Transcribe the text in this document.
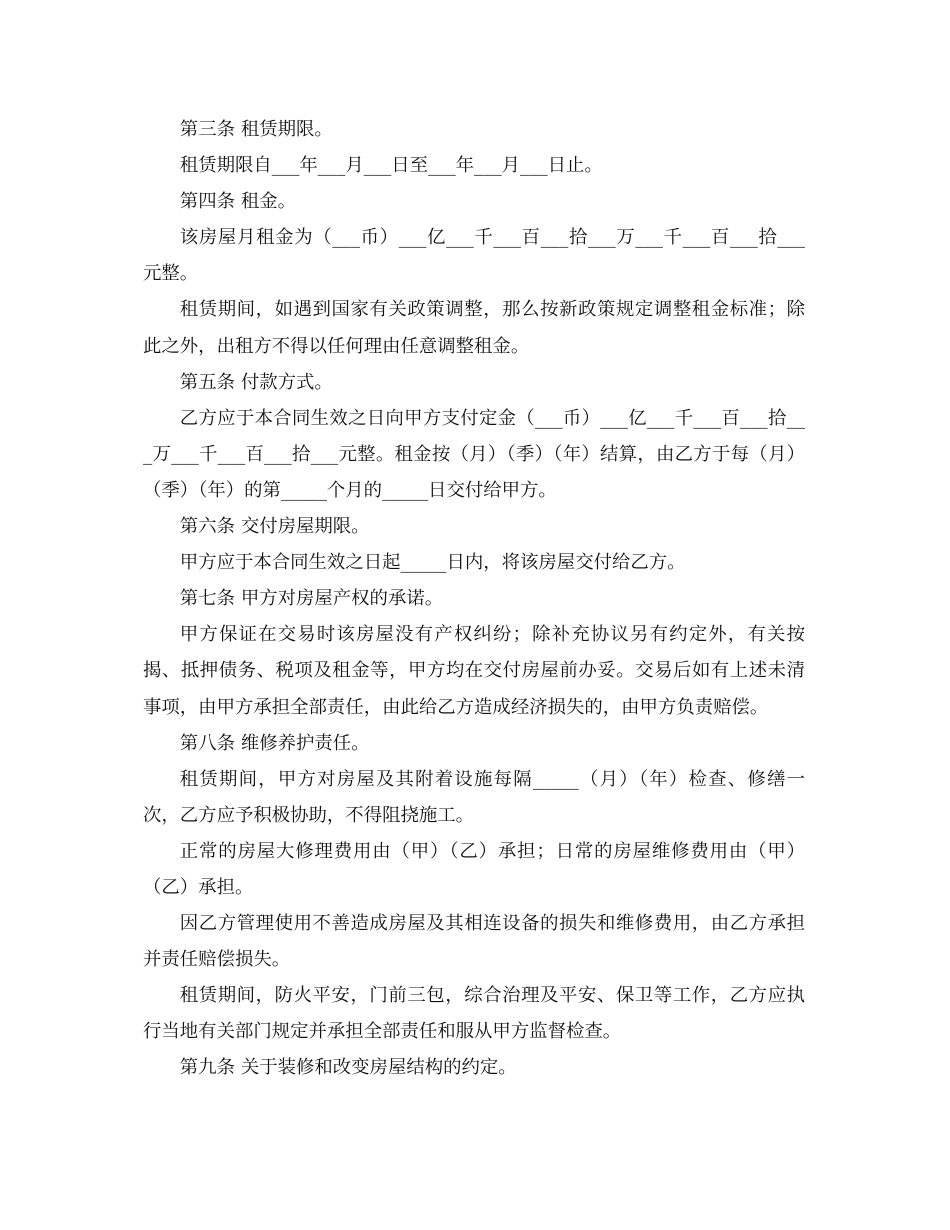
第三条 租赁期限。

租赁期限自___年___月___日至___年___月___日止。

第四条 租金。

该房屋月租金为（___币）___亿___千___百___拾___万___千___百___拾___元整。

租赁期间，如遇到国家有关政策调整，那么按新政策规定调整租金标准；除此之外，出租方不得以任何理由任意调整租金。

第五条 付款方式。

乙方应于本合同生效之日向甲方支付定金（___币）___亿___千___百___拾___万___千___百___拾___元整。租金按（月）（季）（年）结算，由乙方于每（月）（季）（年）的第_____个月的_____日交付给甲方。

第六条 交付房屋期限。

甲方应于本合同生效之日起_____日内，将该房屋交付给乙方。

第七条 甲方对房屋产权的承诺。

甲方保证在交易时该房屋没有产权纠纷；除补充协议另有约定外，有关按揭、抵押债务、税项及租金等，甲方均在交付房屋前办妥。交易后如有上述未清事项，由甲方承担全部责任，由此给乙方造成经济损失的，由甲方负责赔偿。

第八条 维修养护责任。

租赁期间，甲方对房屋及其附着设施每隔_____（月）（年）检查、修缮一次，乙方应予积极协助，不得阻挠施工。

正常的房屋大修理费用由（甲）（乙）承担；日常的房屋维修费用由（甲）（乙）承担。

因乙方管理使用不善造成房屋及其相连设备的损失和维修费用，由乙方承担并责任赔偿损失。

租赁期间，防火平安，门前三包，综合治理及平安、保卫等工作，乙方应执行当地有关部门规定并承担全部责任和服从甲方监督检查。

第九条 关于装修和改变房屋结构的约定。
